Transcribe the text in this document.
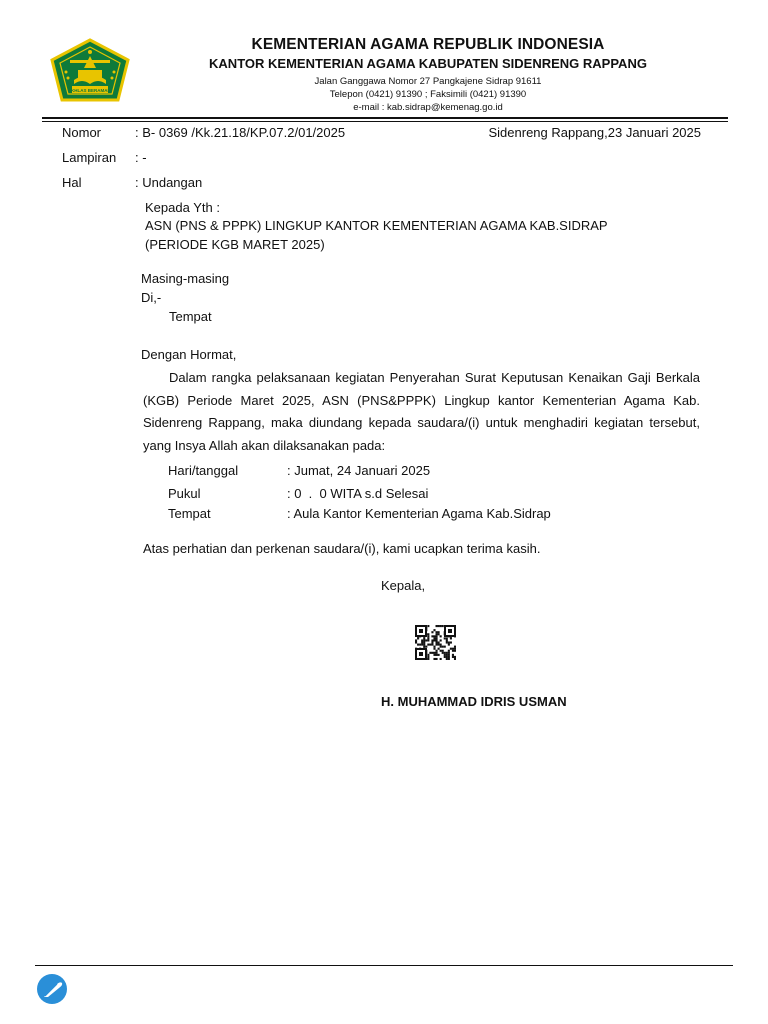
IKHLAS BERAMAL
KEMENTERIAN AGAMA REPUBLIK INDONESIA
KANTOR KEMENTERIAN AGAMA KABUPATEN SIDENRENG RAPPANG
Jalan Ganggawa Nomor 27 Pangkajene Sidrap 91611
Telepon (0421) 91390 ; Faksimili (0421) 91390
e-mail : kab.sidrap@kemenag.go.id
Nomor	: B- 0369 /Kk.21.18/KP.07.2/01/2025	Sidenreng Rappang,23 Januari 2025
Lampiran : -
Hal	: Undangan
Kepada Yth :
ASN (PNS & PPPK) LINGKUP KANTOR KEMENTERIAN AGAMA KAB.SIDRAP
(PERIODE KGB MARET 2025)
Masing-masing
Di,-
Tempat
Dengan Hormat,
Dalam rangka pelaksanaan kegiatan Penyerahan Surat Keputusan Kenaikan Gaji Berkala (KGB) Periode Maret 2025, ASN (PNS&PPPK) Lingkup kantor Kementerian Agama Kab. Sidenreng Rappang, maka diundang kepada saudara/(i) untuk menghadiri kegiatan tersebut, yang Insya Allah akan dilaksanakan pada:
Hari/tanggal	: Jumat, 24 Januari 2025
Pukul	: 0  .  0 WITA s.d Selesai
Tempat	: Aula Kantor Kementerian Agama Kab.Sidrap
Atas perhatian dan perkenan saudara/(i), kami ucapkan terima kasih.
Kepala,
H. MUHAMMAD IDRIS USMAN
